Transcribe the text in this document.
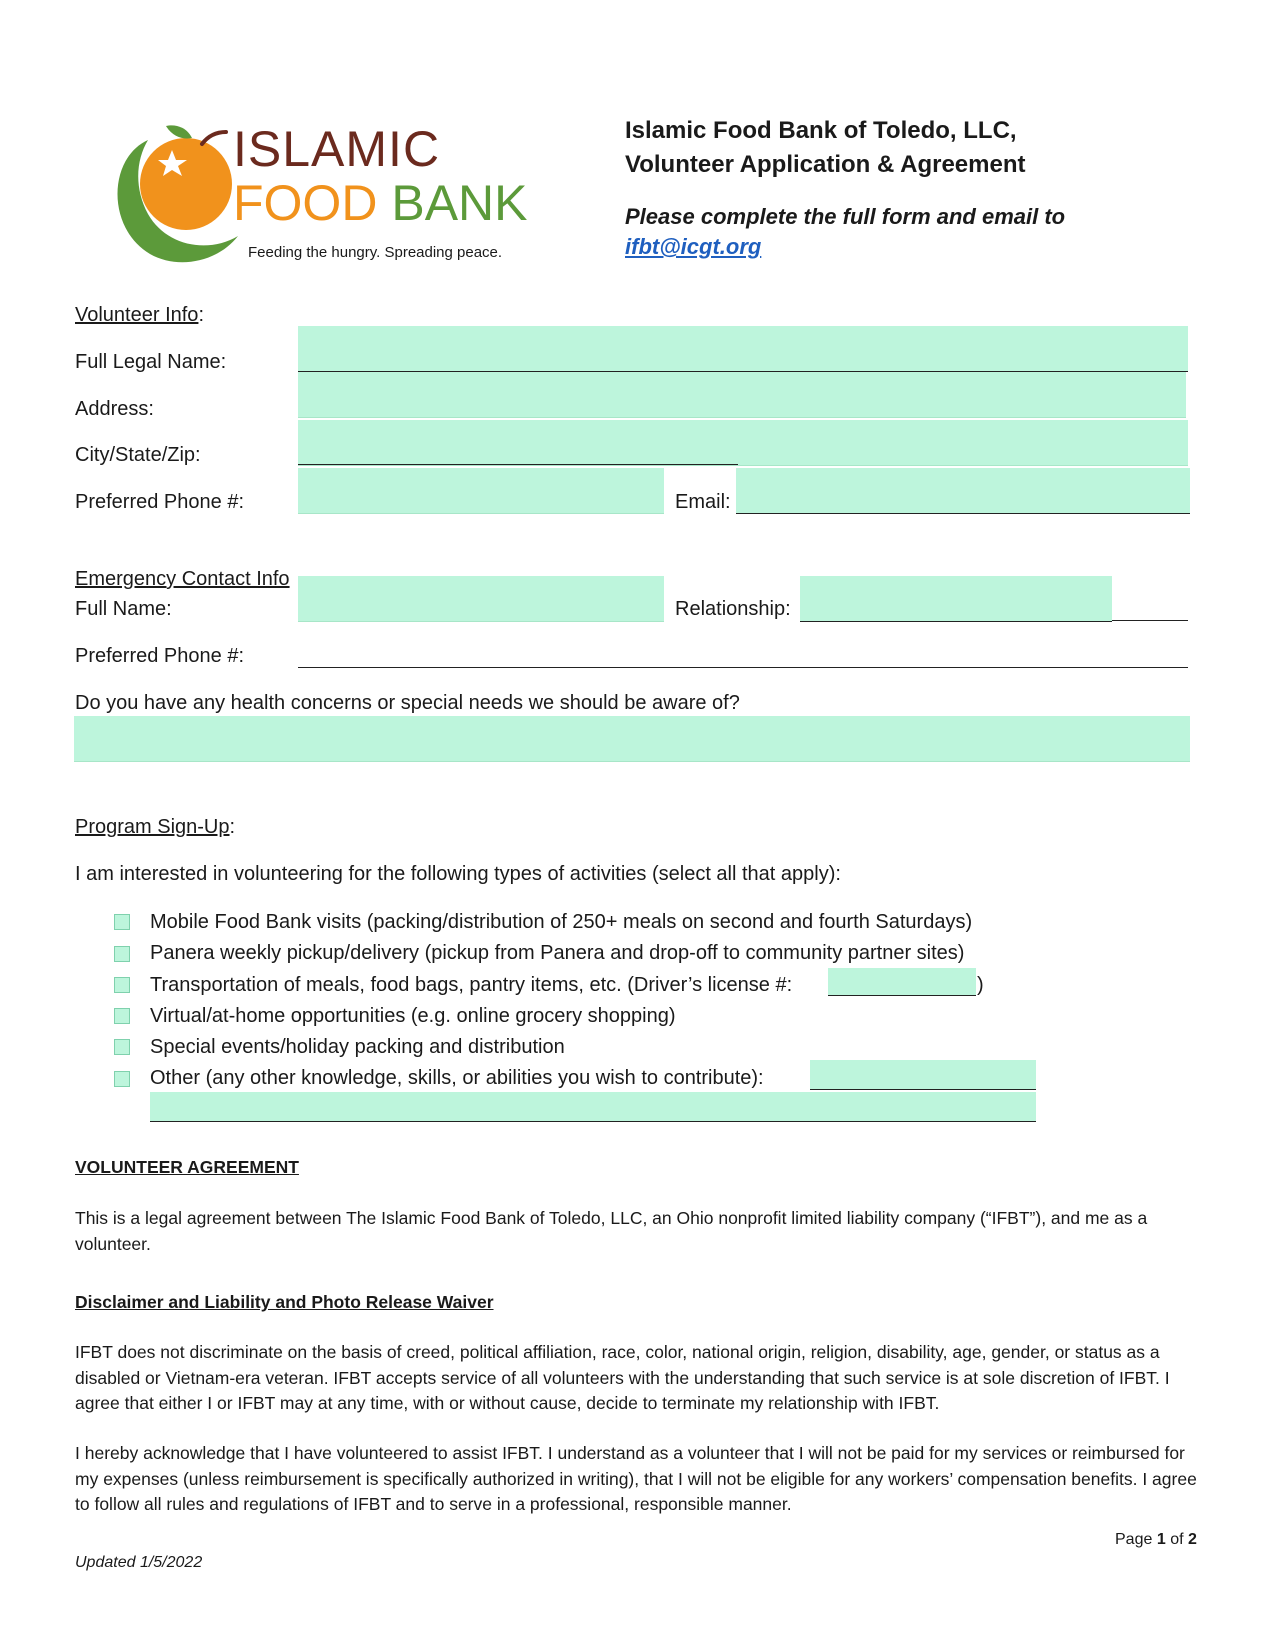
ISLAMIC
FOOD BANK
Feeding the hungry. Spreading peace.
Islamic Food Bank of Toledo, LLC,
Volunteer Application & Agreement
Please complete the full form and email to
ifbt@icgt.org
Volunteer Info:
Full Legal Name:
Address:
City/State/Zip:
Preferred Phone #:	Email:
Emergency Contact Info
Full Name:	Relationship:
Preferred Phone #:
Do you have any health concerns or special needs we should be aware of?
Program Sign-Up:
I am interested in volunteering for the following types of activities (select all that apply):
Mobile Food Bank visits (packing/distribution of 250+ meals on second and fourth Saturdays)
Panera weekly pickup/delivery (pickup from Panera and drop-off to community partner sites)
Transportation of meals, food bags, pantry items, etc. (Driver’s license #:	)
Virtual/at-home opportunities (e.g. online grocery shopping)
Special events/holiday packing and distribution
Other (any other knowledge, skills, or abilities you wish to contribute):
VOLUNTEER AGREEMENT
This is a legal agreement between The Islamic Food Bank of Toledo, LLC, an Ohio nonprofit limited liability company (“IFBT”), and me as a volunteer.
Disclaimer and Liability and Photo Release Waiver
IFBT does not discriminate on the basis of creed, political affiliation, race, color, national origin, religion, disability, age, gender, or status as a disabled or Vietnam-era veteran. IFBT accepts service of all volunteers with the understanding that such service is at sole discretion of IFBT. I agree that either I or IFBT may at any time, with or without cause, decide to terminate my relationship with IFBT.
I hereby acknowledge that I have volunteered to assist IFBT. I understand as a volunteer that I will not be paid for my services or reimbursed for my expenses (unless reimbursement is specifically authorized in writing), that I will not be eligible for any workers’ compensation benefits. I agree to follow all rules and regulations of IFBT and to serve in a professional, responsible manner.
Page 1 of 2
Updated 1/5/2022
